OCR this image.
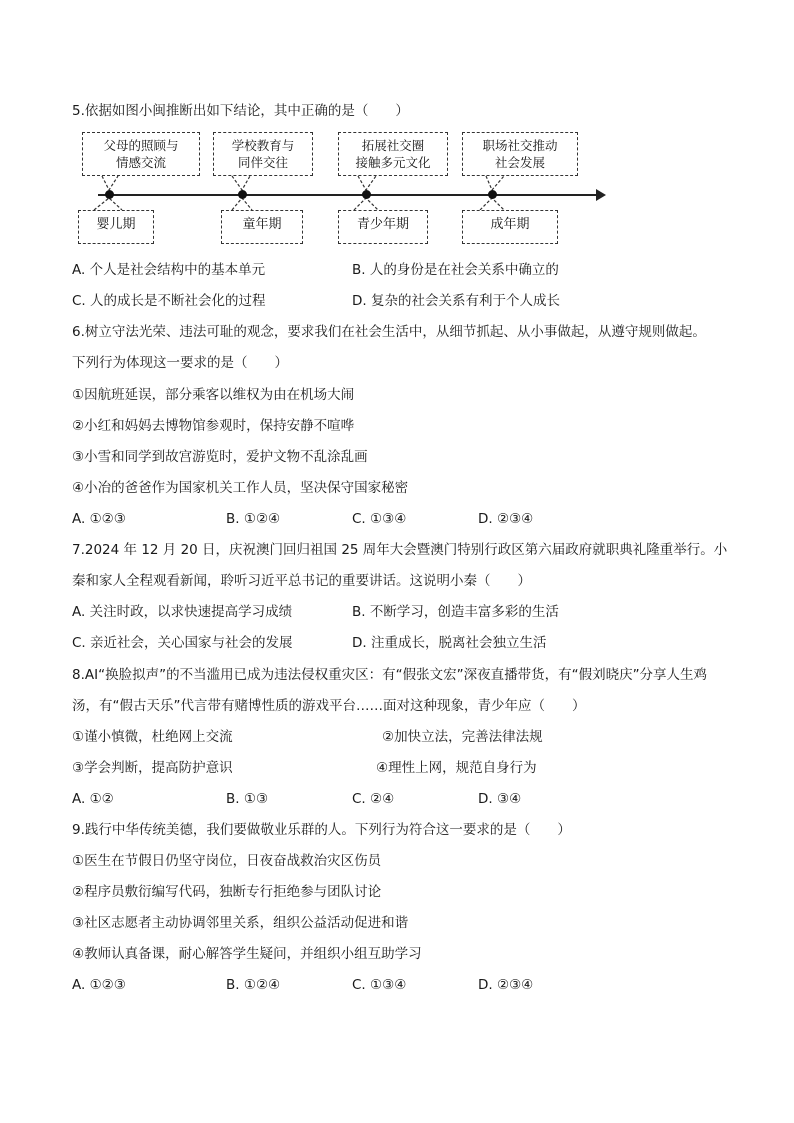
5.依据如图小闽推断出如下结论，其中正确的是（　　）
父母的照顾与
情感交流
学校教育与
同伴交往
拓展社交圈
接触多元文化
职场社交推动
社会发展
婴儿期	童年期	青少年期	成年期
A. 个人是社会结构中的基本单元	B. 人的身份是在社会关系中确立的
C. 人的成长是不断社会化的过程	D. 复杂的社会关系有利于个人成长
6.树立守法光荣、违法可耻的观念，要求我们在社会生活中，从细节抓起、从小事做起，从遵守规则做起。
下列行为体现这一要求的是（　　）
①因航班延误，部分乘客以维权为由在机场大闹
②小红和妈妈去博物馆参观时，保持安静不喧哗
③小雪和同学到故宫游览时，爱护文物不乱涂乱画
④小冶的爸爸作为国家机关工作人员，坚决保守国家秘密
A. ①②③	B. ①②④	C. ①③④	D. ②③④
7.2024 年 12 月 20 日，庆祝澳门回归祖国 25 周年大会暨澳门特别行政区第六届政府就职典礼隆重举行。小
秦和家人全程观看新闻，聆听习近平总书记的重要讲话。这说明小秦（　　）
A. 关注时政，以求快速提高学习成绩	B. 不断学习，创造丰富多彩的生活
C. 亲近社会，关心国家与社会的发展	D. 注重成长，脱离社会独立生活
8.AI“换脸拟声”的不当滥用已成为违法侵权重灾区：有“假张文宏”深夜直播带货，有“假刘晓庆”分享人生鸡
汤，有“假古天乐”代言带有赌博性质的游戏平台……面对这种现象，青少年应（　　）
①谨小慎微，杜绝网上交流	②加快立法，完善法律法规
③学会判断，提高防护意识	④理性上网，规范自身行为
A. ①②	B. ①③	C. ②④	D. ③④
9.践行中华传统美德，我们要做敬业乐群的人。下列行为符合这一要求的是（　　）
①医生在节假日仍坚守岗位，日夜奋战救治灾区伤员
②程序员敷衍编写代码，独断专行拒绝参与团队讨论
③社区志愿者主动协调邻里关系，组织公益活动促进和谐
④教师认真备课，耐心解答学生疑问，并组织小组互助学习
A. ①②③	B. ①②④	C. ①③④	D. ②③④
